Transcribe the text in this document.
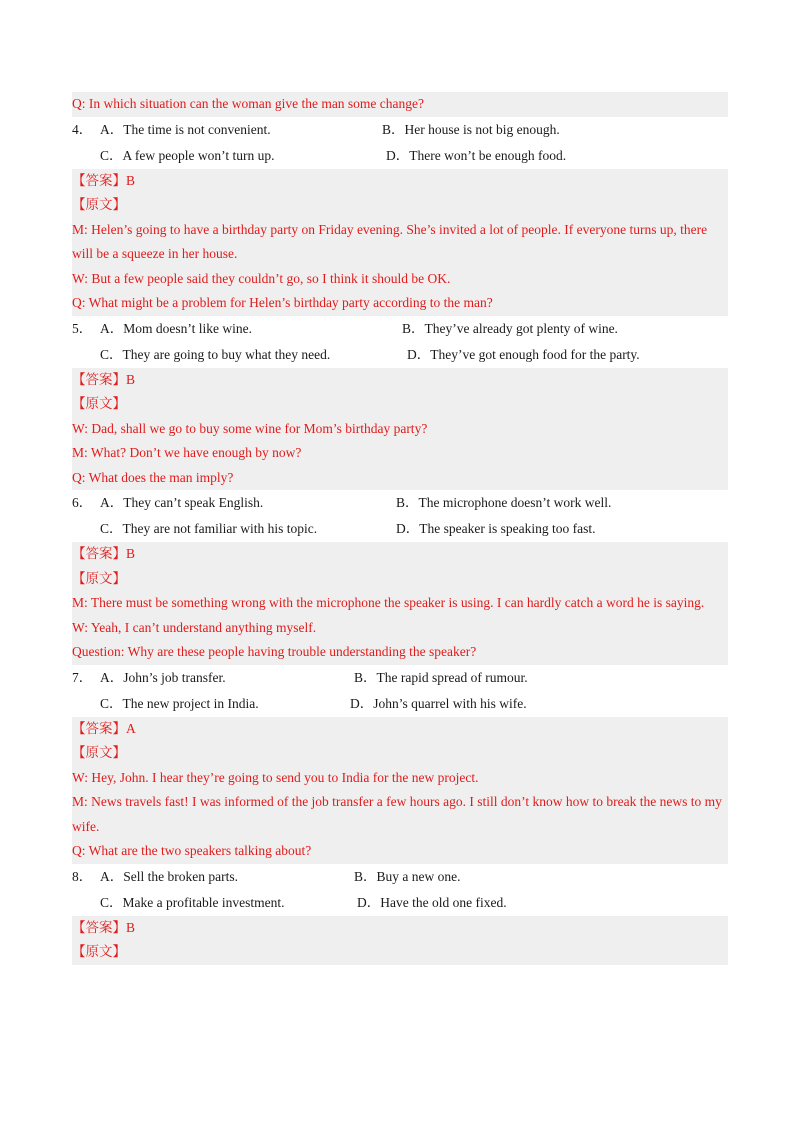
Q: In which situation can the woman give the man some change?
4． A．The time is not convenient.	B．Her house is not big enough.
C．A few people won’t turn up.	D．There won’t be enough food.
【答案】B
【原文】
M: Helen’s going to have a birthday party on Friday evening. She’s invited a lot of people. If everyone turns up, there will be a squeeze in her house.
W: But a few people said they couldn’t go, so I think it should be OK.
Q: What might be a problem for Helen’s birthday party according to the man?
5． A．Mom doesn’t like wine.	B．They’ve already got plenty of wine.
C．They are going to buy what they need.	D．They’ve got enough food for the party.
【答案】B
【原文】
W: Dad, shall we go to buy some wine for Mom’s birthday party?
M: What? Don’t we have enough by now?
Q: What does the man imply?
6． A．They can’t speak English.	B．The microphone doesn’t work well.
C．They are not familiar with his topic.	D．The speaker is speaking too fast.
【答案】B
【原文】
M: There must be something wrong with the microphone the speaker is using. I can hardly catch a word he is saying.
W: Yeah, I can’t understand anything myself.
Question: Why are these people having trouble understanding the speaker?
7． A．John’s job transfer.	B．The rapid spread of rumour.
C．The new project in India.	D．John’s quarrel with his wife.
【答案】A
【原文】
W: Hey, John. I hear they’re going to send you to India for the new project.
M: News travels fast! I was informed of the job transfer a few hours ago. I still don’t know how to break the news to my wife.
Q: What are the two speakers talking about?
8． A．Sell the broken parts.	B．Buy a new one.
C．Make a profitable investment.	D．Have the old one fixed.
【答案】B
【原文】
